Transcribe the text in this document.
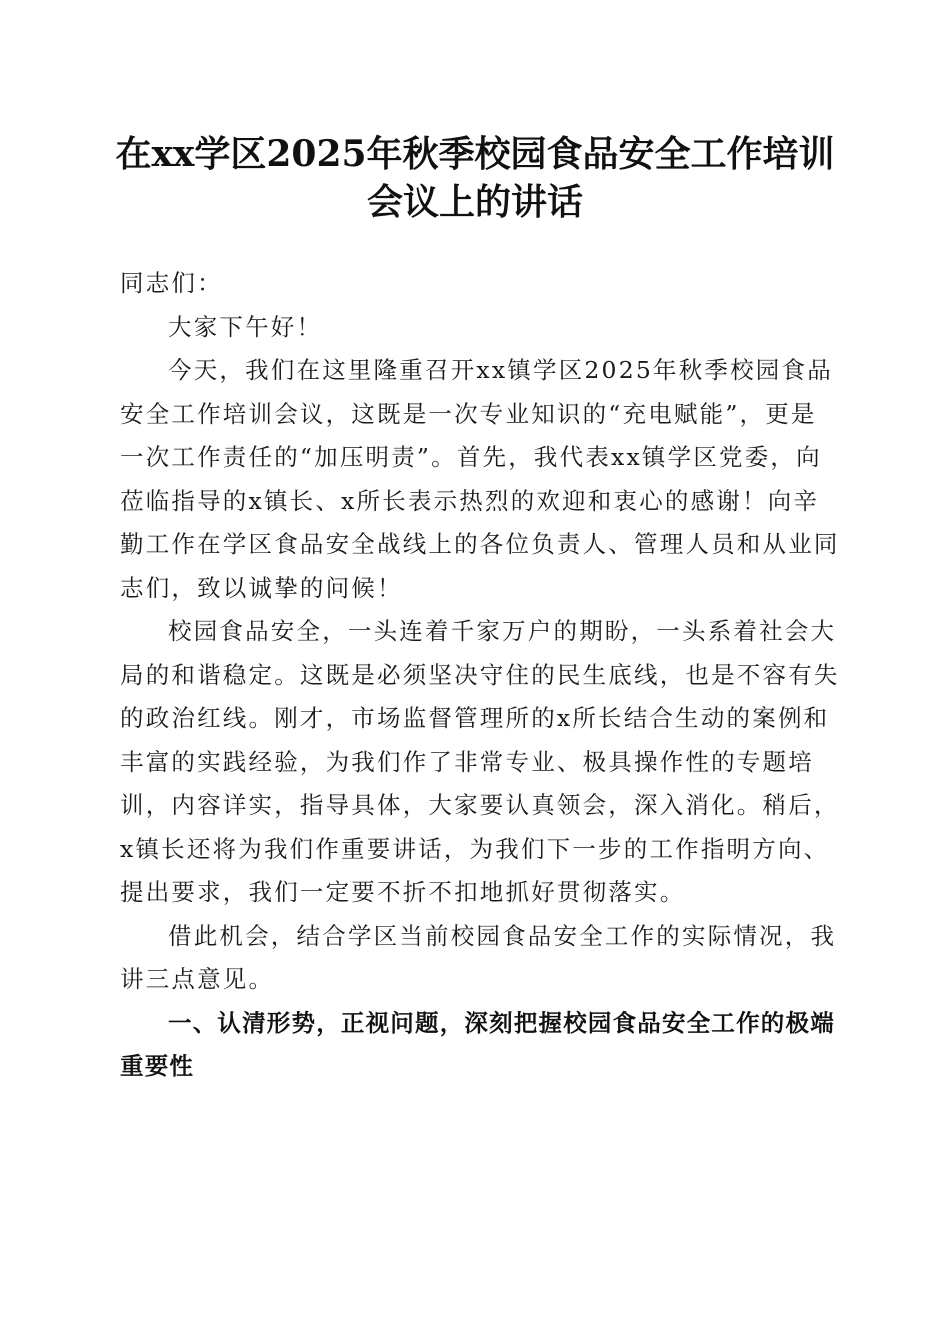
在xx学区2025年秋季校园食品安全工作培训
会议上的讲话

同志们：

大家下午好！

今天，我们在这里隆重召开xx镇学区2025年秋季校园食品安全工作培训会议，这既是一次专业知识的“充电赋能”，更是一次工作责任的“加压明责”。首先，我代表xx镇学区党委，向莅临指导的x镇长、x所长表示热烈的欢迎和衷心的感谢！向辛勤工作在学区食品安全战线上的各位负责人、管理人员和从业同志们，致以诚挚的问候！

校园食品安全，一头连着千家万户的期盼，一头系着社会大局的和谐稳定。这既是必须坚决守住的民生底线，也是不容有失的政治红线。刚才，市场监督管理所的x所长结合生动的案例和丰富的实践经验，为我们作了非常专业、极具操作性的专题培训，内容详实，指导具体，大家要认真领会，深入消化。稍后，x镇长还将为我们作重要讲话，为我们下一步的工作指明方向、提出要求，我们一定要不折不扣地抓好贯彻落实。

借此机会，结合学区当前校园食品安全工作的实际情况，我讲三点意见。

一、认清形势，正视问题，深刻把握校园食品安全工作的极端重要性
